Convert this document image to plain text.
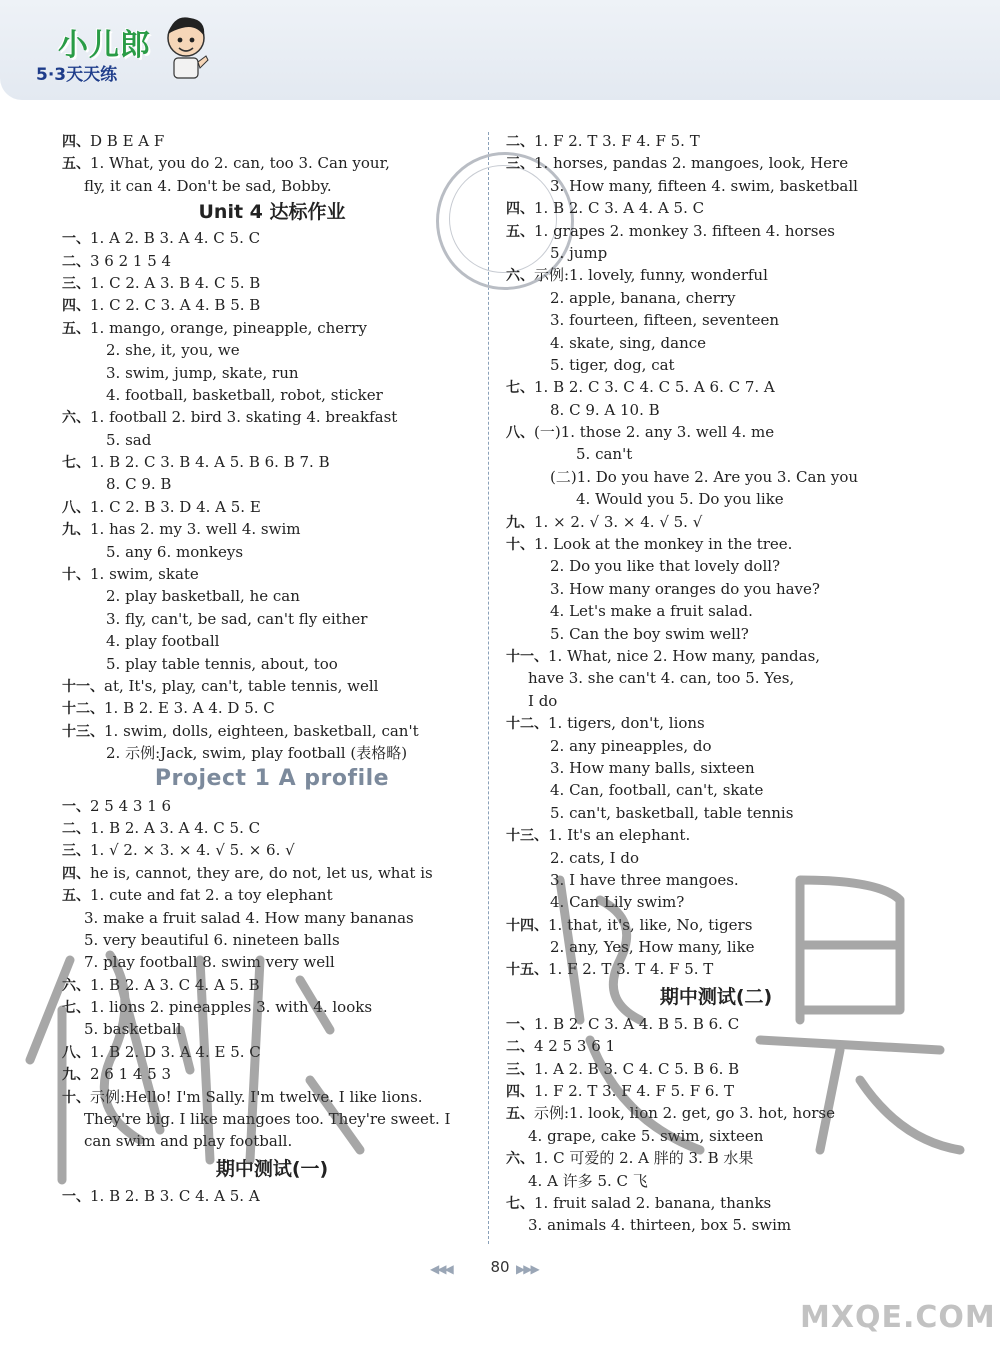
小儿郎
5·3天天练
四、D B E A F
五、1. What, you do 2. can, too 3. Can your,
fly, it can 4. Don't be sad, Bobby.
Unit 4 达标作业
一、1. A 2. B 3. A 4. C 5. C
二、3 6 2 1 5 4
三、1. C 2. A 3. B 4. C 5. B
四、1. C 2. C 3. A 4. B 5. B
五、1. mango, orange, pineapple, cherry
2. she, it, you, we
3. swim, jump, skate, run
4. football, basketball, robot, sticker
六、1. football 2. bird 3. skating 4. breakfast
5. sad
七、1. B 2. C 3. B 4. A 5. B 6. B 7. B
8. C 9. B
八、1. C 2. B 3. D 4. A 5. E
九、1. has 2. my 3. well 4. swim
5. any 6. monkeys
十、1. swim, skate
2. play basketball, he can
3. fly, can't, be sad, can't fly either
4. play football
5. play table tennis, about, too
十一、at, It's, play, can't, table tennis, well
十二、1. B 2. E 3. A 4. D 5. C
十三、1. swim, dolls, eighteen, basketball, can't
2. 示例:Jack, swim, play football (表格略)
Project 1 A profile
一、2 5 4 3 1 6
二、1. B 2. A 3. A 4. C 5. C
三、1. √ 2. × 3. × 4. √ 5. × 6. √
四、he is, cannot, they are, do not, let us, what is
五、1. cute and fat 2. a toy elephant
3. make a fruit salad 4. How many bananas
5. very beautiful 6. nineteen balls
7. play football 8. swim very well
六、1. B 2. A 3. C 4. A 5. B
七、1. lions 2. pineapples 3. with 4. looks
5. basketball
八、1. B 2. D 3. A 4. E 5. C
九、2 6 1 4 5 3
十、示例:Hello! I'm Sally. I'm twelve. I like lions.
They're big. I like mangoes too. They're sweet. I
can swim and play football.
期中测试(一)
一、1. B 2. B 3. C 4. A 5. A
二、1. F 2. T 3. F 4. F 5. T
三、1. horses, pandas 2. mangoes, look, Here
3. How many, fifteen 4. swim, basketball
四、1. B 2. C 3. A 4. A 5. C
五、1. grapes 2. monkey 3. fifteen 4. horses
5. jump
六、示例:1. lovely, funny, wonderful
2. apple, banana, cherry
3. fourteen, fifteen, seventeen
4. skate, sing, dance
5. tiger, dog, cat
七、1. B 2. C 3. C 4. C 5. A 6. C 7. A
8. C 9. A 10. B
八、(一)1. those 2. any 3. well 4. me
5. can't
(二)1. Do you have 2. Are you 3. Can you
4. Would you 5. Do you like
九、1. × 2. √ 3. × 4. √ 5. √
十、1. Look at the monkey in the tree.
2. Do you like that lovely doll?
3. How many oranges do you have?
4. Let's make a fruit salad.
5. Can the boy swim well?
十一、1. What, nice 2. How many, pandas,
have 3. she can't 4. can, too 5. Yes,
I do
十二、1. tigers, don't, lions
2. any pineapples, do
3. How many balls, sixteen
4. Can, football, can't, skate
5. can't, basketball, table tennis
十三、1. It's an elephant.
2. cats, I do
3. I have three mangoes.
4. Can Lily swim?
十四、1. that, it's, like, No, tigers
2. any, Yes, How many, like
十五、1. F 2. T 3. T 4. F 5. T
期中测试(二)
一、1. B 2. C 3. A 4. B 5. B 6. C
二、4 2 5 3 6 1
三、1. A 2. B 3. C 4. C 5. B 6. B
四、1. F 2. T 3. F 4. F 5. F 6. T
五、示例:1. look, lion 2. get, go 3. hot, horse
4. grape, cake 5. swim, sixteen
六、1. C 可爱的 2. A 胖的 3. B 水果
4. A 许多 5. C 飞
七、1. fruit salad 2. banana, thanks
3. animals 4. thirteen, box 5. swim
◀◀◀	80 ▶▶▶
MXQE.COM
